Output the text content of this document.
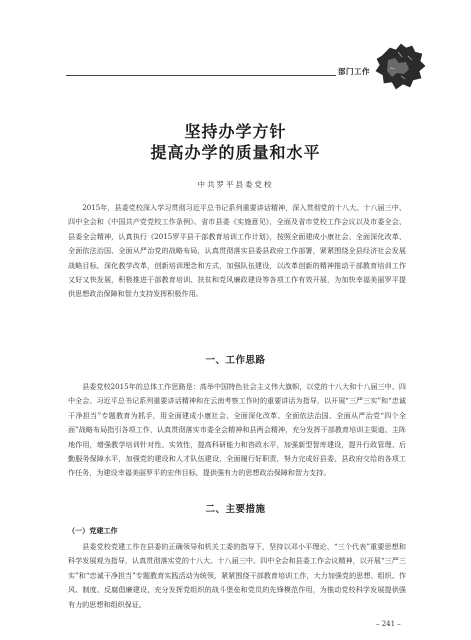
部门工作
坚持办学方针
提高办学的质量和水平
中共罗平县委党校

2015年，县委党校深入学习贯彻习近平总书记系列重要讲话精神，深入贯彻党的十八大、十八届三中、四中全会和《中国共产党党校工作条例》、省市县委《实施意见》，全面及省市党校工作会议以及市委全会、县委全会精神，认真执行《2015罗平县干部教育培训工作计划》，按照全面建成小康社会、全面深化改革、全面依法治国、全面从严治党的战略布局，认真贯彻落实县委县政府工作部署，紧紧围绕全县经济社会发展战略目标，深化教学改革，创新培训理念和方式，加强队伍建设，以改革创新的精神推动干部教育培训工作又好又快发展，积极推进干部教育培训、扶贫和党风廉政建设等各项工作有效开展，为加快幸福美丽罗平提供思想政治保障和智力支持发挥积极作用。

一、工作思路

县委党校2015年的总体工作思路是：高举中国特色社会主义伟大旗帜，以党的十八大和十八届三中、四中全会、习近平总书记系列重要讲话精神和在云南考察工作时的重要讲话为指导，以开展“三严三实”和“忠诚干净担当”专题教育为抓手，用全面建成小康社会、全面深化改革、全面依法治国、全面从严治党“四个全面”战略布局指引各项工作，认真贯彻落实市委全会精神和县两会精神，充分发挥干部教育培训主渠道、主阵地作用，增强教学培训针对性、实效性，提高科研能力和咨政水平，加强新型智库建设，提升行政管理、后勤服务保障水平，加强党的建设和人才队伍建设，全面履行好职责，努力完成好县委、县政府交给的各项工作任务，为建设幸福美丽罗平的宏伟目标，提供强有力的思想政治保障和智力支持。

二、主要措施
（一）党建工作

县委党校党建工作在县委的正确领导和机关工委的指导下，坚持以邓小平理论、“三个代表”重要思想和科学发展观为指导，认真贯彻落实党的十八大、十八届三中、四中全会和县委工作会议精神，以开展“三严三实”和“忠诚干净担当”专题教育实践活动为统领，紧紧围绕干部教育培训工作，大力加强党的思想、组织、作风、制度、反腐倡廉建设，充分发挥党组织的战斗堡垒和党员的先锋模范作用，为推动党校科学发展提供强有力的思想和组织保证。

– 241 –
